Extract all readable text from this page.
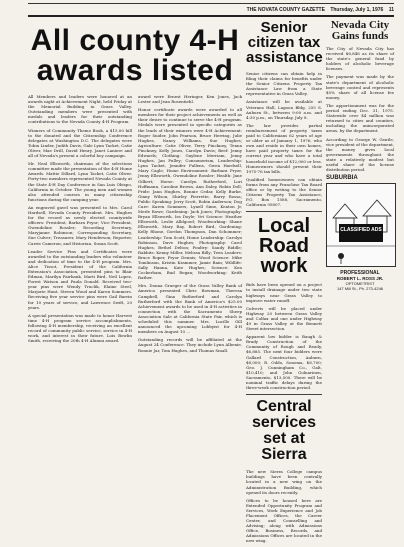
THE NOVATA COUNTY GAZETTE Thursday, July 1, 1976 11
All county 4-H awards listed

All Members and leaders were honored at an awards night at Achievement Night, held Friday at the Memorial Building in Grass Valley. Outstanding members were presented with medals and leaders for their outstanding contributions to the Nevada County 4-H Program.

Winners of Community Theme Book, a $15.00 bill to the donated and the Citizenship Conference delegates at Washington D.C. The delegates were Tobin Linder, Judith Davis, Gale Lynn Tacket, Catie Oliver, Mae Drill, David Henry, Janet Laniere and all of Nevada's present a colorful boy campaign.

Mr. Neal Ellsworth, chairman of the selections committee made the presentation of the 4-H Home Awards. Mattie Dillard, Lynn Tacket, Catie Oliver. Forty-two members represented Nevada County at the State 4-H Day Conference in San Luis Obispo, California in October. The young men and women also attended courses in many citizenship functions during the camping year.

An engraved gavel was presented to Mrs. Carol Hardsell, Nevada County President. Mrs. Hughes for the record as newly elected countywide officers: President, Barbara Pryor; Vice President, Gwendoline Rossler; Recording Secretary, Maryjanne Robinson; Corresponding Secretary, Sue Culver; Treasurer, Mary Henderson; Reporter, Carrie Cameron; and Historian, Susan Scott.

Leader Service Pins and Certificates were awarded to the outstanding leaders who volunteer and dedication of time to the 4-H program. Mrs. Alice Tissot, President of the California Extension's Association, presented pins to Blair Edman, Marilyn Fairbank, Marti Bird, Neil Lopez, Forest Watson and Paula Donald. Received two-year pins were Wendy Truclik, Elaine Steel, Marjorie Hunt. Steven Wood and Karen Sommers. Receiving five year service pins were Gail Barrin for 10 years of service, and Lawrence Swift, 20 years.

A special presentation was made to honor Harvest time 4-H program service accomplishments, following 4-H membership, receiving an excellent record of community public service, service in 4-H work, and interest in their future. Lois Bowlin Smith, receiving the 20th 4-H Alumni award.

award were Ernest Heringer, Ken Jones, Jack Lester and Jean Rosentiehl.

Honor certificate awards were awarded to all members for their project achievements as well as their desire to continue to serve the 4-H program. Medals were presented in specific categories as the leads of their winners were 4-H Achievement: Roger Snider, John Pearson, Bruce Herring, Julie Hughes, Nancy Williams, Sue Hughes; Agriculture: Catie Oliver, Terry Pinckney, Tenna Pinckney, Kelly Jones, Carolyn Davis; Beef: Jenny Edwards; Clothing: Gaylene Merriam, Jenny Hughes, Jan Pulley; Consumerism, Leadership: Lynn Tacket, Jennifer Pullens, Gwen Hardsell, Mary Cagle; Home Environment: Barbara Pryor, Jenny Ellsworth, Gwendoline Rossler; Health: Jane Gilbert; Horse: Carolyn Rutherford, Lori Hoffmann, Caroline Brown, Ann Daley, Robin Doll; Pride: Jann Hughes, Bonnie Cedar, Kelly Burke, Ginny Wilson, Shirley Pierrette, Barry Rossa; Public Speaking: Jerry Scott, Robin Anderson; Dog Care: Karen Sommers, Lynell Sime, Keaton Jr, Merle Rowe; Gardening: Jack Jones; Photography: Bryan Ellsworth, Ira Doyle; Vet Science: Heather Ellsworth, Leslie Alldgood; Woodworking: Shane Ellsworth, Mary Ray, Robert Bird, Gardening: Kelly Rhone, Gordon Thompson, Dan Schommer; Leadership: Tom Scott; Home Leadership: Carolyn Robinson, Dave Hughes; Photography: Carol Hughes, Bethel Delton; Poultry: Sandy Riddle; Rabbits: Kenny Miller, Melissa Billy; Teen Leaders: Bruce Roper, Pryor Dennis; Wood Science: Mike Tomlinson, Kristin Krammer, Jamie Bain; Wildlife: Sally Hanna, Kate Hughes; Science: Ken Cockerham, Bud Regan; Woodworking: Keith Rather.

Mrs. Donna Grueger of the Grass Valley Bank of America presented Chris Bowman, Theresa Campbell, Gina Rutherford and Carolyn Rutherford with the Bank of America's $25.00 Achievement awards to be used in 4-H activities in connection with the Sacramento Sheep Association Sale at California State Fair, which is scheduled this summer. Mrs. Lucille Gill announced the upcoming Lobbyist for 4-H members on August 10 ...

Outstanding records will be affiliated at the August 24 Conference. They include Lynn Albenie, Ronnie Jar, Tom Hughes, and Thomas Small.

Senior citizen tax assistance

Senior citizens can obtain help in filing their claims for benefits under the Senior Citizens Property Tax Assistance Law from a State representative in Grass Valley.

Assistance will be available at Veterans Hall, Lagoon Bldg, 255 S. Auburn St., between 9:00 a.m. and 4:30 p.m., on Thursday, July 8.

The law provides partial reimbursement of property taxes paid to Californians 62 years of age or older as of January 1, 1976, who own and reside in their own homes, have paid property taxes for the current year and who have a total household income of $12,000 or less. Homeowners should present their 1975-76 tax bills.

Qualified homeowners can obtain forms from any Franchise Tax Board office or by writing to the Senior Citizens Property Tax Assistance, P.O. Box 1588, Sacramento, California 95807.

Local Road work

Bids have been opened on a project to install drainage under two state highways near Grass Valley to improve water runoff.

Culverts will be placed under Highway 20 between Grass Valley and Colfax and one under Highway 49 in Grass Valley at the Bennett Street intersection.

Apparent low bidder is Baugh & Brady Construction of the Community of Rough and Ready, $6,885. The next four bidders were Gallard Construction, Auburn, $8,000; R. Oddo, Sonoma, $8,700; Geo. J. Cunningham Co., Galt, $10,410; and John Golnarinen, Sacramento, $13,500. There will be nominal traffic delays during the three-week construction period.

Central services set at Sierra

The new Sierra College campus buildings have been centrally located in a new wing on the Administration Building, which opened its doors recently.

Offices to be housed here are Extended Opportunity Program and Services, Work Experience and Job Placement Offices, the Career Center, and Counselling and Advising; along with Admissions Office, Business, Records, and Admissions Offices are located in the new wing.

Nevada City Gains funds

The City of Nevada City has received $6,846 as its share of the state's general fund by holders of alcoholic beverage licenses.

The payment was made by the state's department of alcoholic beverage control and represents $5% share of all license fee money.

The apportionment was for the period ending Dec. 31, 1975. Statewide over $4 million was returned to cities and counties, including the unincorporated areas, by the department.

According to George W. Gentle, vice president of the department, the money gives local governments throughout the state a relatively modest but useful share of the license distribution period.

SUBURBIA
CLASSIFIED ADS
PROFESSIONAL
ROBERT L. ROSS JR.
OPTOMETRIST
147 Mill St., Ph. 273-4246
